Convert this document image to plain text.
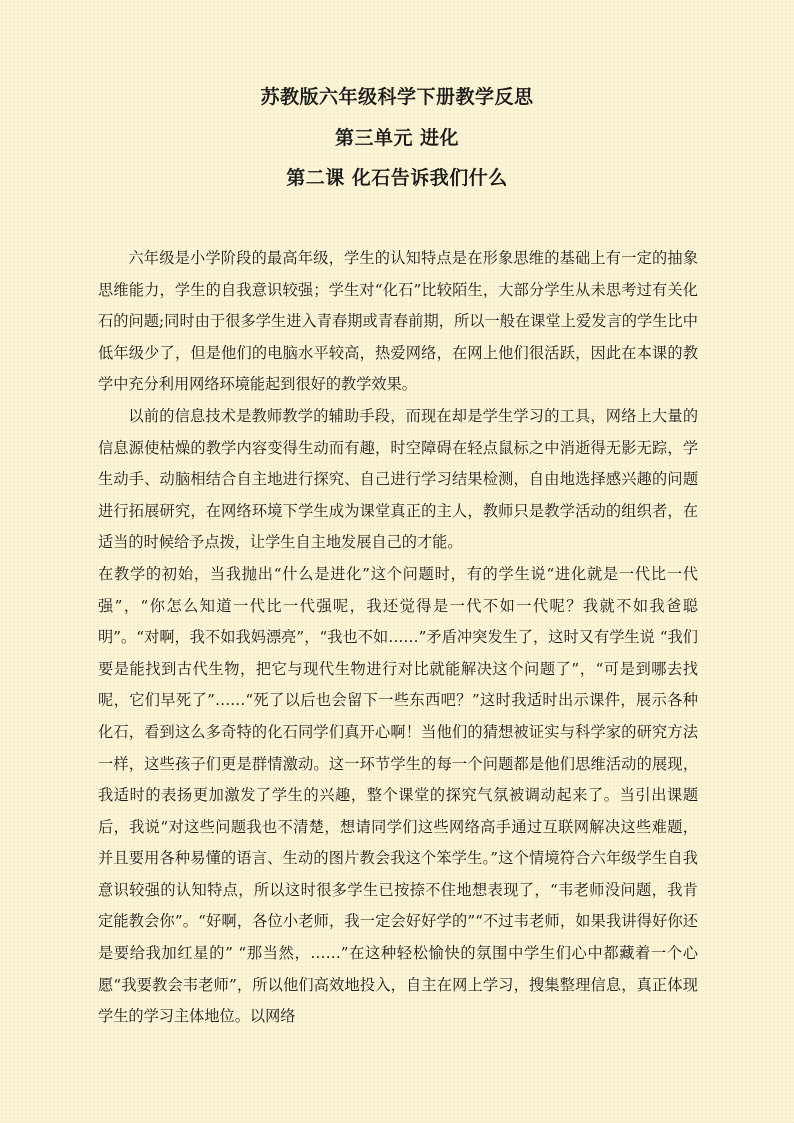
苏教版六年级科学下册教学反思
第三单元 进化
第二课 化石告诉我们什么

六年级是小学阶段的最高年级，学生的认知特点是在形象思维的基础上有一定的抽象思维能力，学生的自我意识较强；学生对“化石”比较陌生，大部分学生从未思考过有关化石的问题;同时由于很多学生进入青春期或青春前期，所以一般在课堂上爱发言的学生比中低年级少了，但是他们的电脑水平较高，热爱网络，在网上他们很活跃，因此在本课的教学中充分利用网络环境能起到很好的教学效果。

以前的信息技术是教师教学的辅助手段，而现在却是学生学习的工具，网络上大量的信息源使枯燥的教学内容变得生动而有趣，时空障碍在轻点鼠标之中消逝得无影无踪，学生动手、动脑相结合自主地进行探究、自己进行学习结果检测，自由地选择感兴趣的问题进行拓展研究，在网络环境下学生成为课堂真正的主人，教师只是教学活动的组织者，在适当的时候给予点拨，让学生自主地发展自己的才能。

在教学的初始，当我抛出“什么是进化”这个问题时，有的学生说“进化就是一代比一代强”，“你怎么知道一代比一代强呢，我还觉得是一代不如一代呢？我就不如我爸聪明”。“对啊，我不如我妈漂亮”，“我也不如……”矛盾冲突发生了，这时又有学生说 “我们要是能找到古代生物，把它与现代生物进行对比就能解决这个问题了”，“可是到哪去找呢，它们早死了”……“死了以后也会留下一些东西吧？”这时我适时出示课件，展示各种化石，看到这么多奇特的化石同学们真开心啊！当他们的猜想被证实与科学家的研究方法一样，这些孩子们更是群情激动。这一环节学生的每一个问题都是他们思维活动的展现，我适时的表扬更加激发了学生的兴趣，整个课堂的探究气氛被调动起来了。当引出课题后，我说“对这些问题我也不清楚，想请同学们这些网络高手通过互联网解决这些难题，并且要用各种易懂的语言、生动的图片教会我这个笨学生。”这个情境符合六年级学生自我意识较强的认知特点，所以这时很多学生已按捺不住地想表现了，“韦老师没问题，我肯定能教会你”。“好啊，各位小老师，我一定会好好学的”“不过韦老师，如果我讲得好你还是要给我加红星的” “那当然，……”在这种轻松愉快的氛围中学生们心中都藏着一个心愿“我要教会韦老师”，所以他们高效地投入，自主在网上学习，搜集整理信息，真正体现学生的学习主体地位。以网络
